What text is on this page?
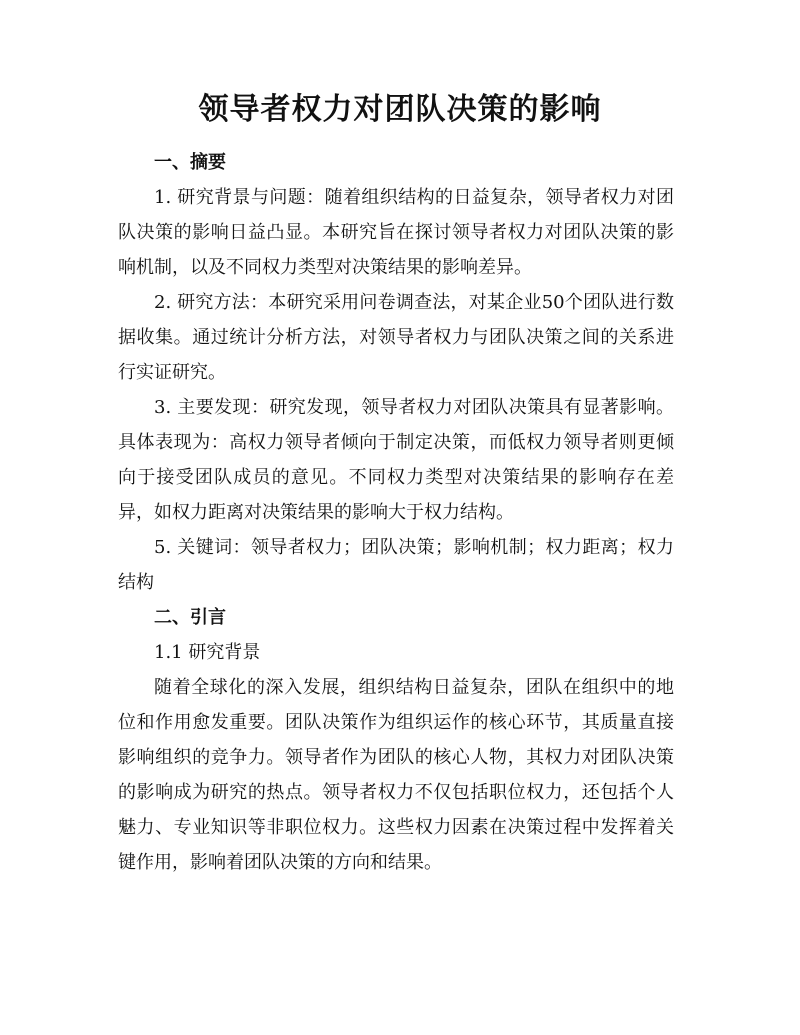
领导者权力对团队决策的影响

一、摘要

1. 研究背景与问题：随着组织结构的日益复杂，领导者权力对团队决策的影响日益凸显。本研究旨在探讨领导者权力对团队决策的影响机制，以及不同权力类型对决策结果的影响差异。

2. 研究方法：本研究采用问卷调查法，对某企业50个团队进行数据收集。通过统计分析方法，对领导者权力与团队决策之间的关系进行实证研究。

3. 主要发现：研究发现，领导者权力对团队决策具有显著影响。具体表现为：高权力领导者倾向于制定决策，而低权力领导者则更倾向于接受团队成员的意见。不同权力类型对决策结果的影响存在差异，如权力距离对决策结果的影响大于权力结构。

5. 关键词：领导者权力；团队决策；影响机制；权力距离；权力结构

二、引言

1.1 研究背景

随着全球化的深入发展，组织结构日益复杂，团队在组织中的地位和作用愈发重要。团队决策作为组织运作的核心环节，其质量直接影响组织的竞争力。领导者作为团队的核心人物，其权力对团队决策的影响成为研究的热点。领导者权力不仅包括职位权力，还包括个人魅力、专业知识等非职位权力。这些权力因素在决策过程中发挥着关键作用，影响着团队决策的方向和结果。
